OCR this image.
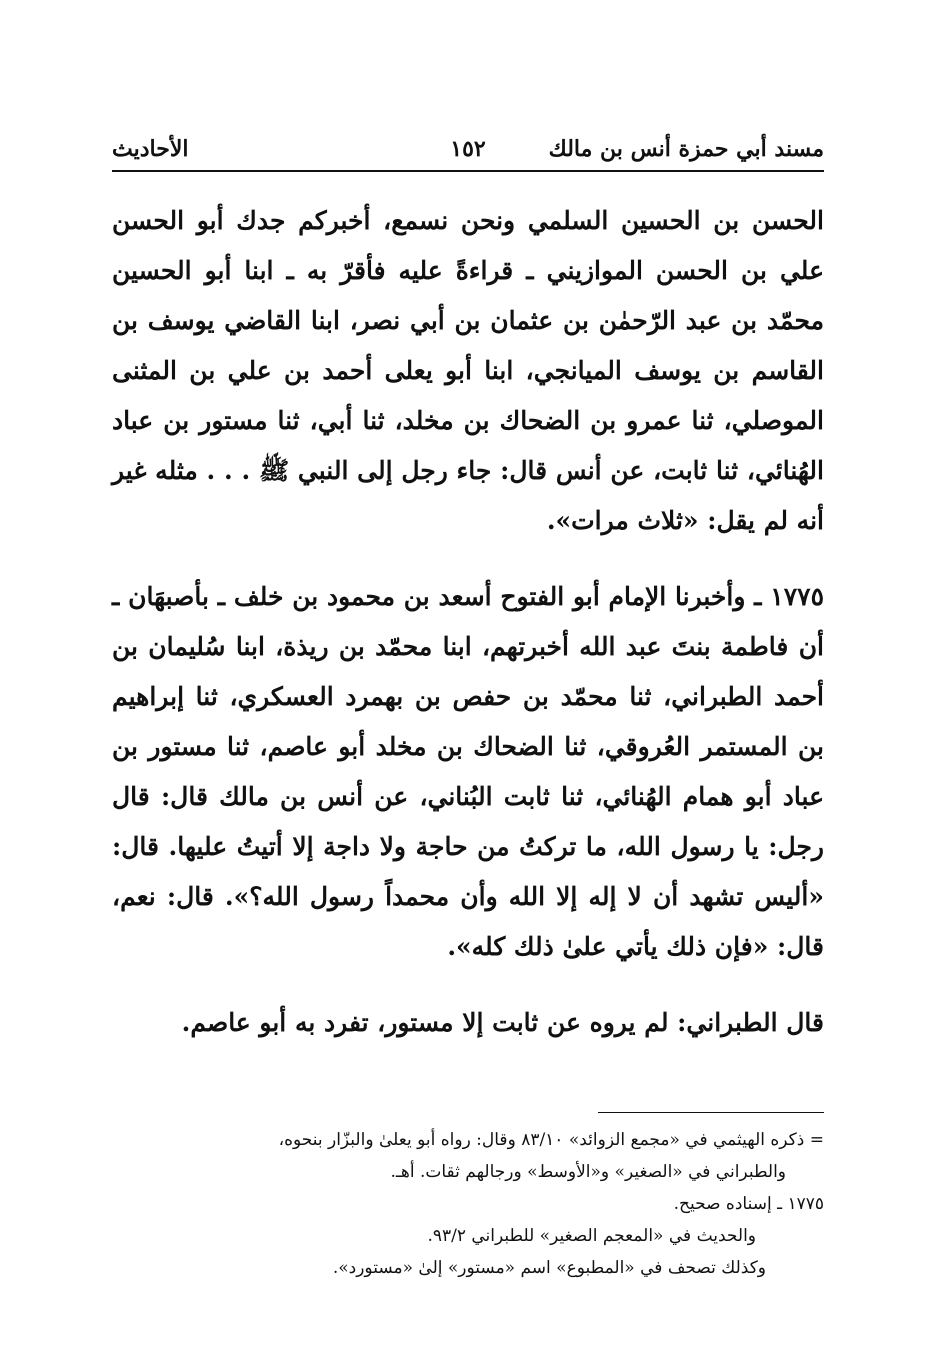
مسند أبي حمزة أنس بن مالك
١٥٢
الأحاديث

الحسن بن الحسين السلمي ونحن نسمع، أخبركم جدك أبو الحسن علي بن الحسن الموازيني ـ قراءةً عليه فأقرّ به ـ ابنا أبو الحسين محمّد بن عبد الرّحمٰن بن عثمان بن أبي نصر، ابنا القاضي يوسف بن القاسم بن يوسف الميانجي، ابنا أبو يعلى أحمد بن علي بن المثنى الموصلي، ثنا عمرو بن الضحاك بن مخلد، ثنا أبي، ثنا مستور بن عباد الهُنائي، ثنا ثابت، عن أنس قال: جاء رجل إلى النبي ﷺ . . . مثله غير أنه لم يقل: «ثلاث مرات».

١٧٧٥ ـ وأخبرنا الإمام أبو الفتوح أسعد بن محمود بن خلف ـ بأصبهَان ـ أن فاطمة بنتَ عبد الله أخبرتهم، ابنا محمّد بن ريذة، ابنا سُليمان بن أحمد الطبراني، ثنا محمّد بن حفص بن بهمرد العسكري، ثنا إبراهيم بن المستمر العُروقي، ثنا الضحاك بن مخلد أبو عاصم، ثنا مستور بن عباد أبو همام الهُنائي، ثنا ثابت البُناني، عن أنس بن مالك قال: قال رجل: يا رسول الله، ما تركتُ من حاجة ولا داجة إلا أتيتُ عليها. قال: «أليس تشهد أن لا إله إلا الله وأن محمداً رسول الله؟». قال: نعم، قال: «فإن ذلك يأتي علىٰ ذلك كله».

قال الطبراني: لم يروه عن ثابت إلا مستور، تفرد به أبو عاصم.

= ذكره الهيثمي في «مجمع الزوائد» ٨٣/١٠ وقال: رواه أبو يعلىٰ والبزّار بنحوه،

والطبراني في «الصغير» و«الأوسط» ورجالهم ثقات. أهـ.

١٧٧٥ ـ إسناده صحيح.

والحديث في «المعجم الصغير» للطبراني ٩٣/٢.

وكذلك تصحف في «المطبوع» اسم «مستور» إلىٰ «مستورد».
